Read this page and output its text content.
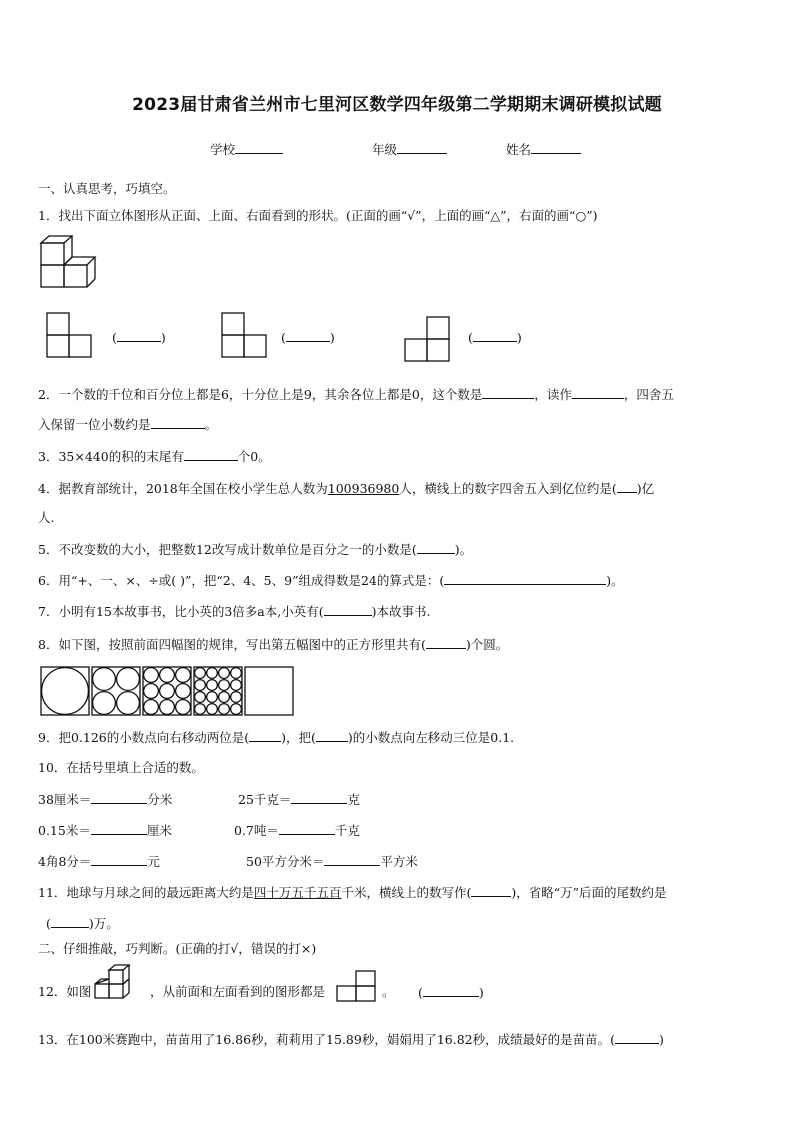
2023届甘肃省兰州市七里河区数学四年级第二学期期末调研模拟试题
学校	年级	姓名
一、认真思考，巧填空。
1．找出下面立体图形从正面、上面、右面看到的形状。(正面的画“√”，上面的画“△”，右面的画“○”)
(	)	(	)	(	)
2．一个数的千位和百分位上都是6，十分位上是9，其余各位上都是0，这个数是	，读作	，四舍五
入保留一位小数约是	。
3．35×440的积的末尾有	个0。
4．据教育部统计，2018年全国在校小学生总人数为100936980人，横线上的数字四舍五入到亿位约是( )亿
人.
5．不改变数的大小，把整数12改写成计数单位是百分之一的小数是(	)。
6．用“+、一、×、÷或( )”，把“2、4、5、9”组成得数是24的算式是：(	)。
7．小明有15本故事书，比小英的3倍多a本,小英有(	)本故事书.
8．如下图，按照前面四幅图的规律，写出第五幅图中的正方形里共有(	)个圆。
9．把0.126的小数点向右移动两位是(	)，把(	)的小数点向左移动三位是0.1.
10．在括号里填上合适的数。
38厘米＝	分米	25千克＝	克
0.15米＝	厘米	0.7吨＝	千克
4角8分＝	元	50平方分米＝	平方米
11．地球与月球之间的最远距离大约是四十万五千五百千米，横线上的数写作(	)，省略“万”后面的尾数约是
(	)万。
二、仔细推敲，巧判断。(正确的打√，错误的打×)
12．如图	，从前面和左面看到的图形都是	。 (	)
13．在100米赛跑中，苗苗用了16.86秒，莉莉用了15.89秒，娟娟用了16.82秒，成绩最好的是苗苗。(	)
